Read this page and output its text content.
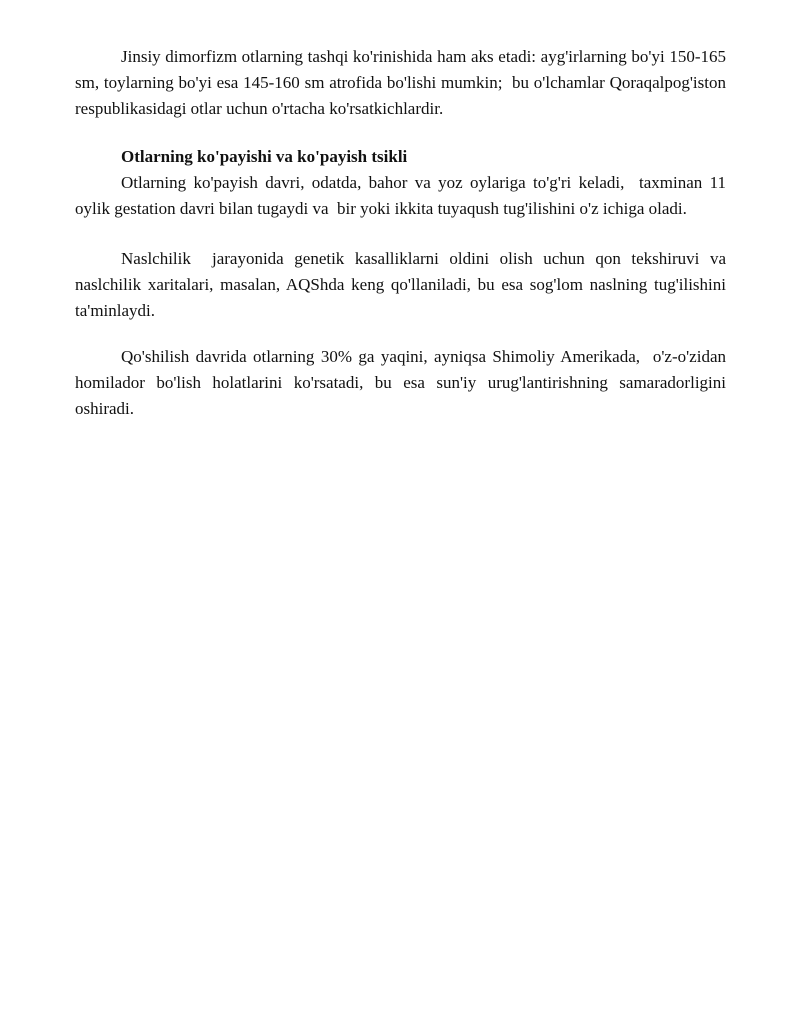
Jinsiy dimorfizm otlarning tashqi ko'rinishida ham aks etadi: ayg'irlarning bo'yi 150-165 sm, toylarning bo'yi esa 145-160 sm atrofida bo'lishi mumkin;  bu o'lchamlar Qoraqalpog'iston respublikasidagi otlar uchun o'rtacha ko'rsatkichlardir.

Otlarning ko'payishi va ko'payish tsikli

Otlarning ko'payish davri, odatda, bahor va yoz oylariga to'g'ri keladi,  taxminan 11 oylik gestation davri bilan tugaydi va  bir yoki ikkita tuyaqush tug'ilishini o'z ichiga oladi.

Naslchilik  jarayonida genetik kasalliklarni oldini olish uchun qon tekshiruvi va naslchilik xaritalari, masalan, AQShda keng qo'llaniladi, bu esa sog'lom naslning tug'ilishini ta'minlaydi.

Qo'shilish davrida otlarning 30% ga yaqini, ayniqsa Shimoliy Amerikada,  o'z-o'zidan homilador bo'lish holatlarini ko'rsatadi, bu esa sun'iy urug'lantirishning samaradorligini oshiradi.
